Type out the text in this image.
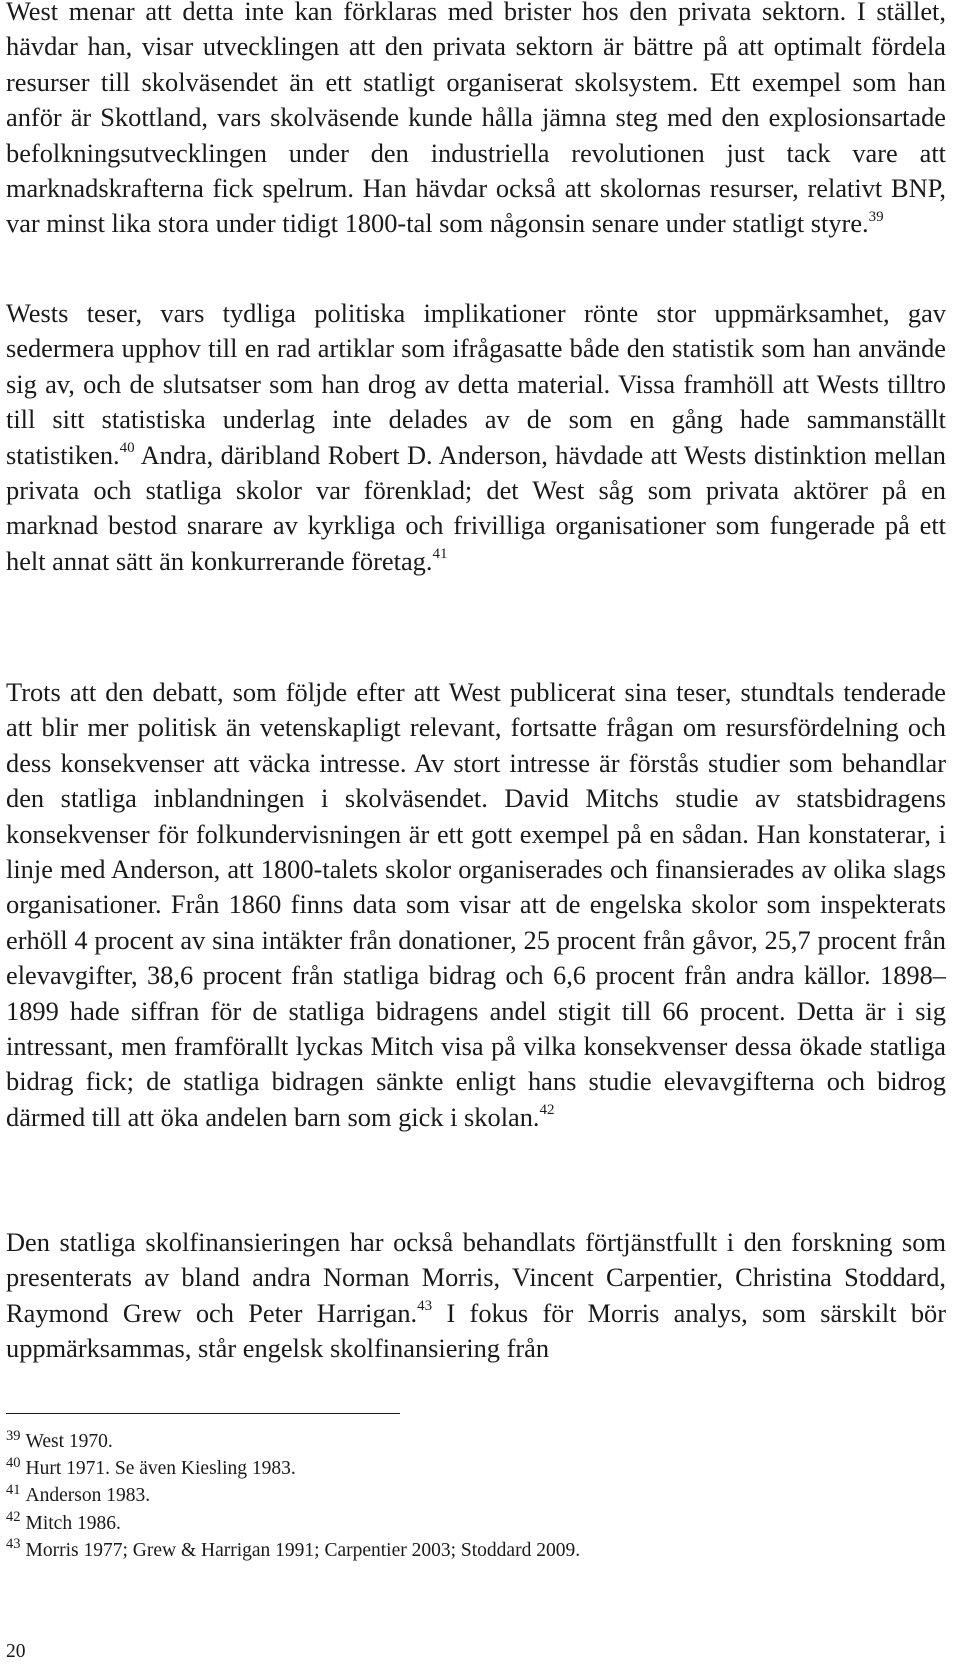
West menar att detta inte kan förklaras med brister hos den privata sektorn. I stället, hävdar han, visar utvecklingen att den privata sektorn är bättre på att optimalt fördela resurser till skolväsendet än ett statligt organiserat skolsystem. Ett exempel som han anför är Skottland, vars skolväsende kunde hålla jämna steg med den explosionsartade befolkningsutvecklingen under den industriella revolutionen just tack vare att marknadskrafterna fick spelrum. Han hävdar också att skolornas resurser, relativt BNP, var minst lika stora under tidigt 1800-tal som någonsin senare under statligt styre.$^{39}$

Wests teser, vars tydliga politiska implikationer rönte stor uppmärksamhet, gav sedermera upphov till en rad artiklar som ifrågasatte både den statistik som han använde sig av, och de slutsatser som han drog av detta material. Vissa framhöll att Wests tilltro till sitt statistiska underlag inte delades av de som en gång hade sammanställt statistiken.$^{40}$ Andra, däribland Robert D. Anderson, hävdade att Wests distinktion mellan privata och statliga skolor var förenklad; det West såg som privata aktörer på en marknad bestod snarare av kyrkliga och frivilliga organisationer som fungerade på ett helt annat sätt än konkurrerande företag.$^{41}$

Trots att den debatt, som följde efter att West publicerat sina teser, stundtals tenderade att blir mer politisk än vetenskapligt relevant, fortsatte frågan om resursfördelning och dess konsekvenser att väcka intresse. Av stort intresse är förstås studier som behandlar den statliga inblandningen i skolväsendet. David Mitchs studie av statsbidragens konsekvenser för folkundervisningen är ett gott exempel på en sådan. Han konstaterar, i linje med Anderson, att 1800-talets skolor organiserades och finansierades av olika slags organisationer. Från 1860 finns data som visar att de engelska skolor som inspekterats erhöll 4 procent av sina intäkter från donationer, 25 procent från gåvor, 25,7 procent från elevavgifter, 38,6 procent från statliga bidrag och 6,6 procent från andra källor. 1898–1899 hade siffran för de statliga bidragens andel stigit till 66 procent. Detta är i sig intressant, men framförallt lyckas Mitch visa på vilka konsekvenser dessa ökade statliga bidrag fick; de statliga bidragen sänkte enligt hans studie elevavgifterna och bidrog därmed till att öka andelen barn som gick i skolan.$^{42}$

Den statliga skolfinansieringen har också behandlats förtjänstfullt i den forskning som presenterats av bland andra Norman Morris, Vincent Carpentier, Christina Stoddard, Raymond Grew och Peter Harrigan.$^{43}$ I fokus för Morris analys, som särskilt bör uppmärksammas, står engelsk skolfinansiering från

$^{39}$ West 1970.
$^{40}$ Hurt 1971. Se även Kiesling 1983.
$^{41}$ Anderson 1983.
$^{42}$ Mitch 1986.
$^{43}$ Morris 1977; Grew & Harrigan 1991; Carpentier 2003; Stoddard 2009.
20
